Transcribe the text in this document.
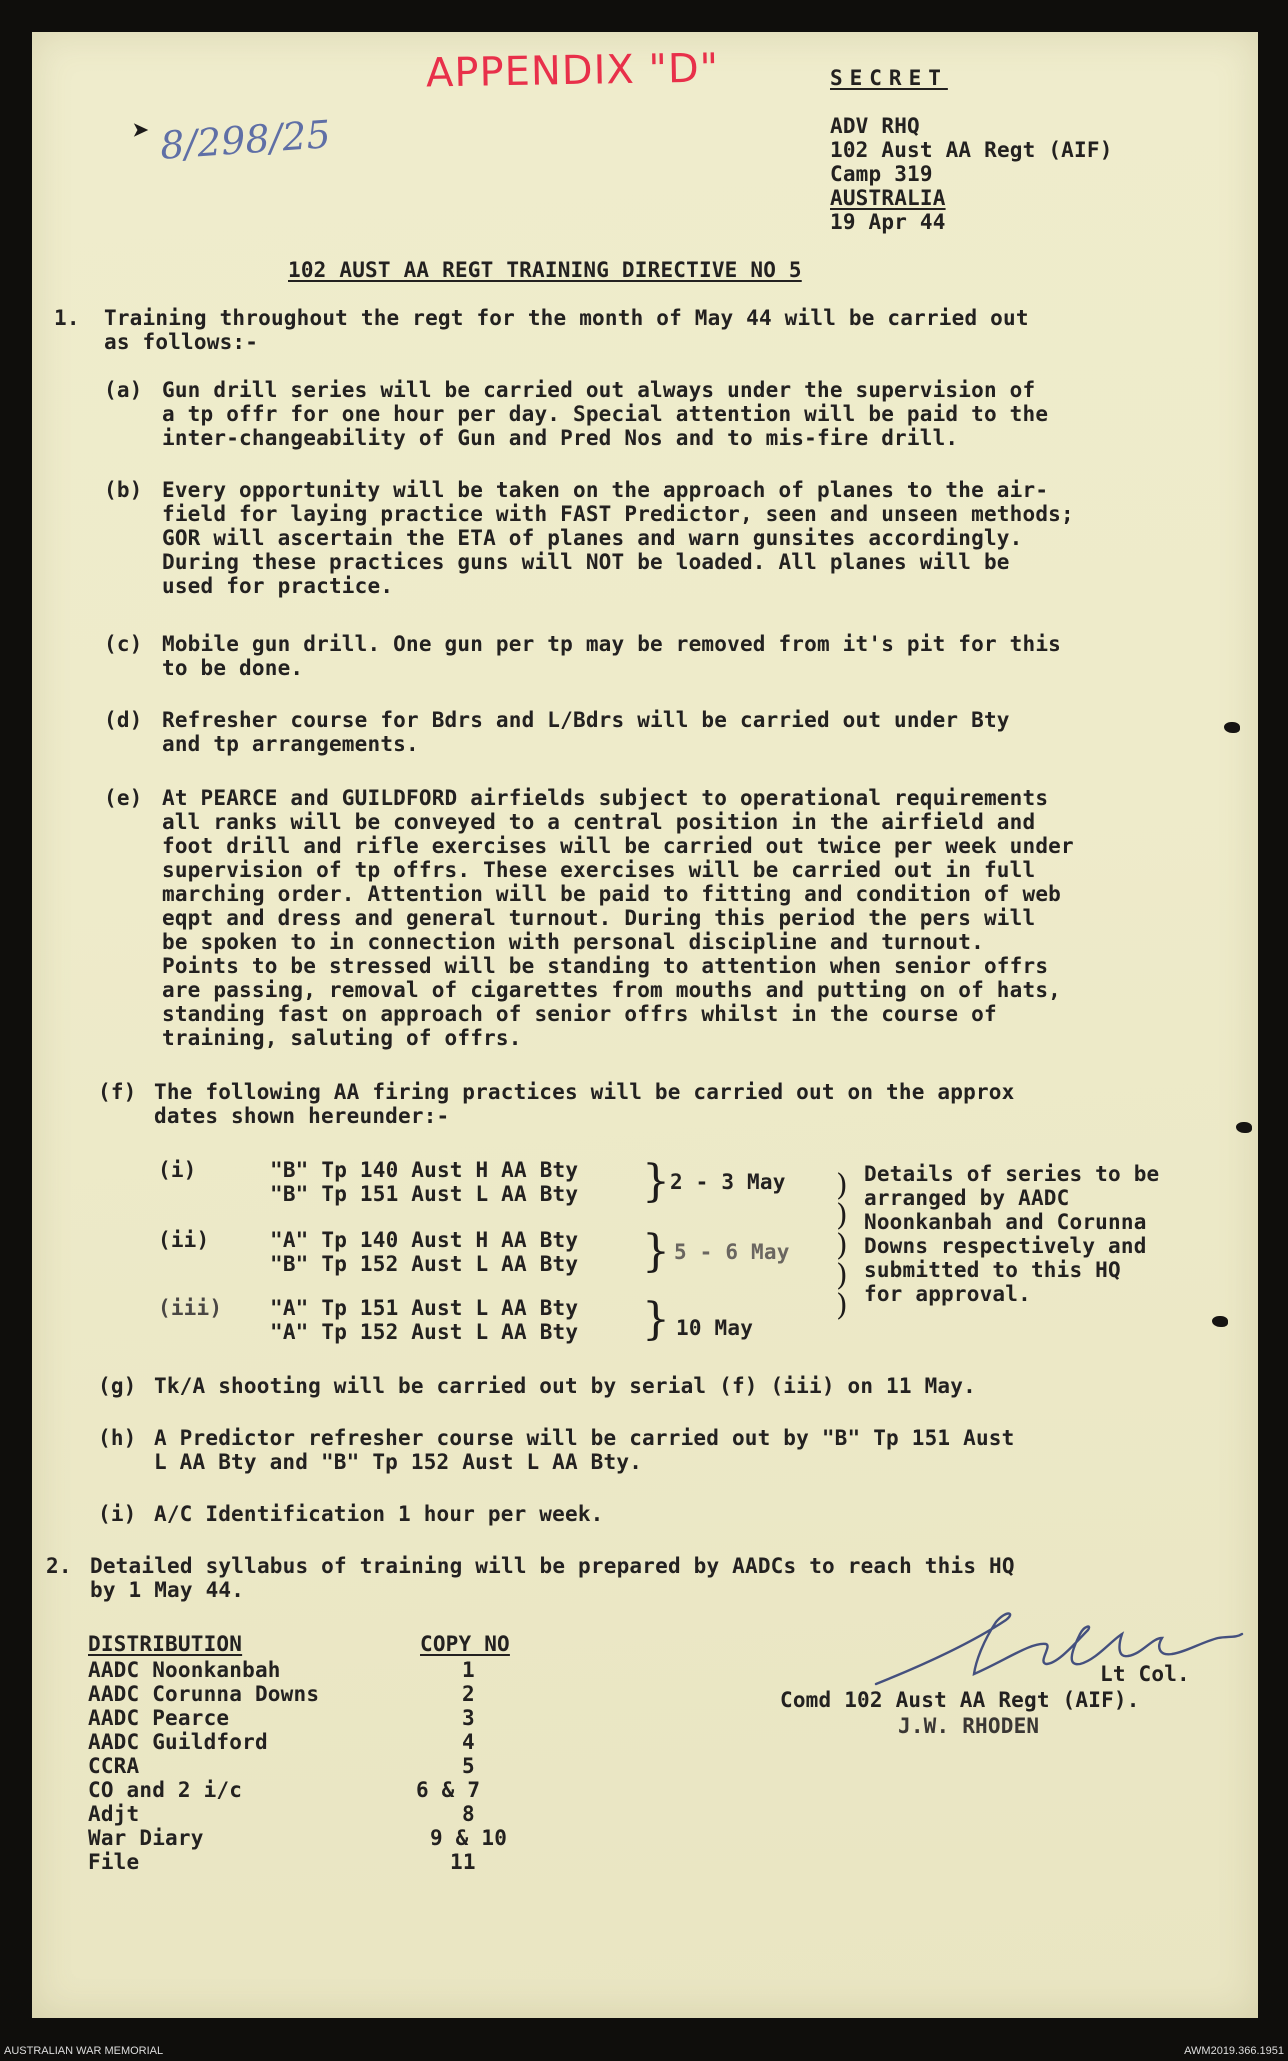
APPENDIX "D"
➤ 8/298/25
SECRET
ADV RHQ
102 Aust AA Regt (AIF)
Camp 319
AUSTRALIA
19 Apr 44
102 AUST AA REGT TRAINING DIRECTIVE NO 5
1. Training throughout the regt for the month of May 44 will be carried out
as follows:-
(a) Gun drill series will be carried out always under the supervision of
a tp offr for one hour per day. Special attention will be paid to the
inter-changeability of Gun and Pred Nos and to mis-fire drill.
(b) Every opportunity will be taken on the approach of planes to the air-
field for laying practice with FAST Predictor, seen and unseen methods;
GOR will ascertain the ETA of planes and warn gunsites accordingly.
During these practices guns will NOT be loaded. All planes will be
used for practice.
(c) Mobile gun drill. One gun per tp may be removed from it's pit for this
to be done.
(d) Refresher course for Bdrs and L/Bdrs will be carried out under Bty
and tp arrangements.
(e) At PEARCE and GUILDFORD airfields subject to operational requirements
all ranks will be conveyed to a central position in the airfield and
foot drill and rifle exercises will be carried out twice per week under
supervision of tp offrs. These exercises will be carried out in full
marching order. Attention will be paid to fitting and condition of web
eqpt and dress and general turnout. During this period the pers will
be spoken to in connection with personal discipline and turnout.
Points to be stressed will be standing to attention when senior offrs
are passing, removal of cigarettes from mouths and putting on of hats,
standing fast on approach of senior offrs whilst in the course of
training, saluting of offrs.
(f) The following AA firing practices will be carried out on the approx
dates shown hereunder:-
(i)	"B" Tp 140 Aust H AA Bty
"B" Tp 151 Aust L AA Bty } 2 - 3 May
(ii)	"A" Tp 140 Aust H AA Bty
"B" Tp 152 Aust L AA Bty } 5 - 6 May
(iii) "A" Tp 151 Aust L AA Bty
"A" Tp 152 Aust L AA Bty } 10 May
Details of series to be
arranged by AADC
Noonkanbah and Corunna
Downs respectively and
submitted to this HQ
for approval.
)
)
)
)
)
(g) Tk/A shooting will be carried out by serial (f) (iii) on 11 May.
(h) A Predictor refresher course will be carried out by "B" Tp 151 Aust
L AA Bty and "B" Tp 152 Aust L AA Bty.
(i) A/C Identification 1 hour per week.
2. Detailed syllabus of training will be prepared by AADCs to reach this HQ
by 1 May 44.
DISTRIBUTION	COPY NO
AADC Noonkanbah	1
AADC Corunna Downs	2
AADC Pearce	3
AADC Guildford	4
CCRA	5
CO and 2 i/c	6 & 7
Adjt	8
War Diary	9 & 10
File	11
Lt Col.
Comd 102 Aust AA Regt (AIF).
J.W. RHODEN
AUSTRALIAN WAR MEMORIAL	AWM2019.366.1951
